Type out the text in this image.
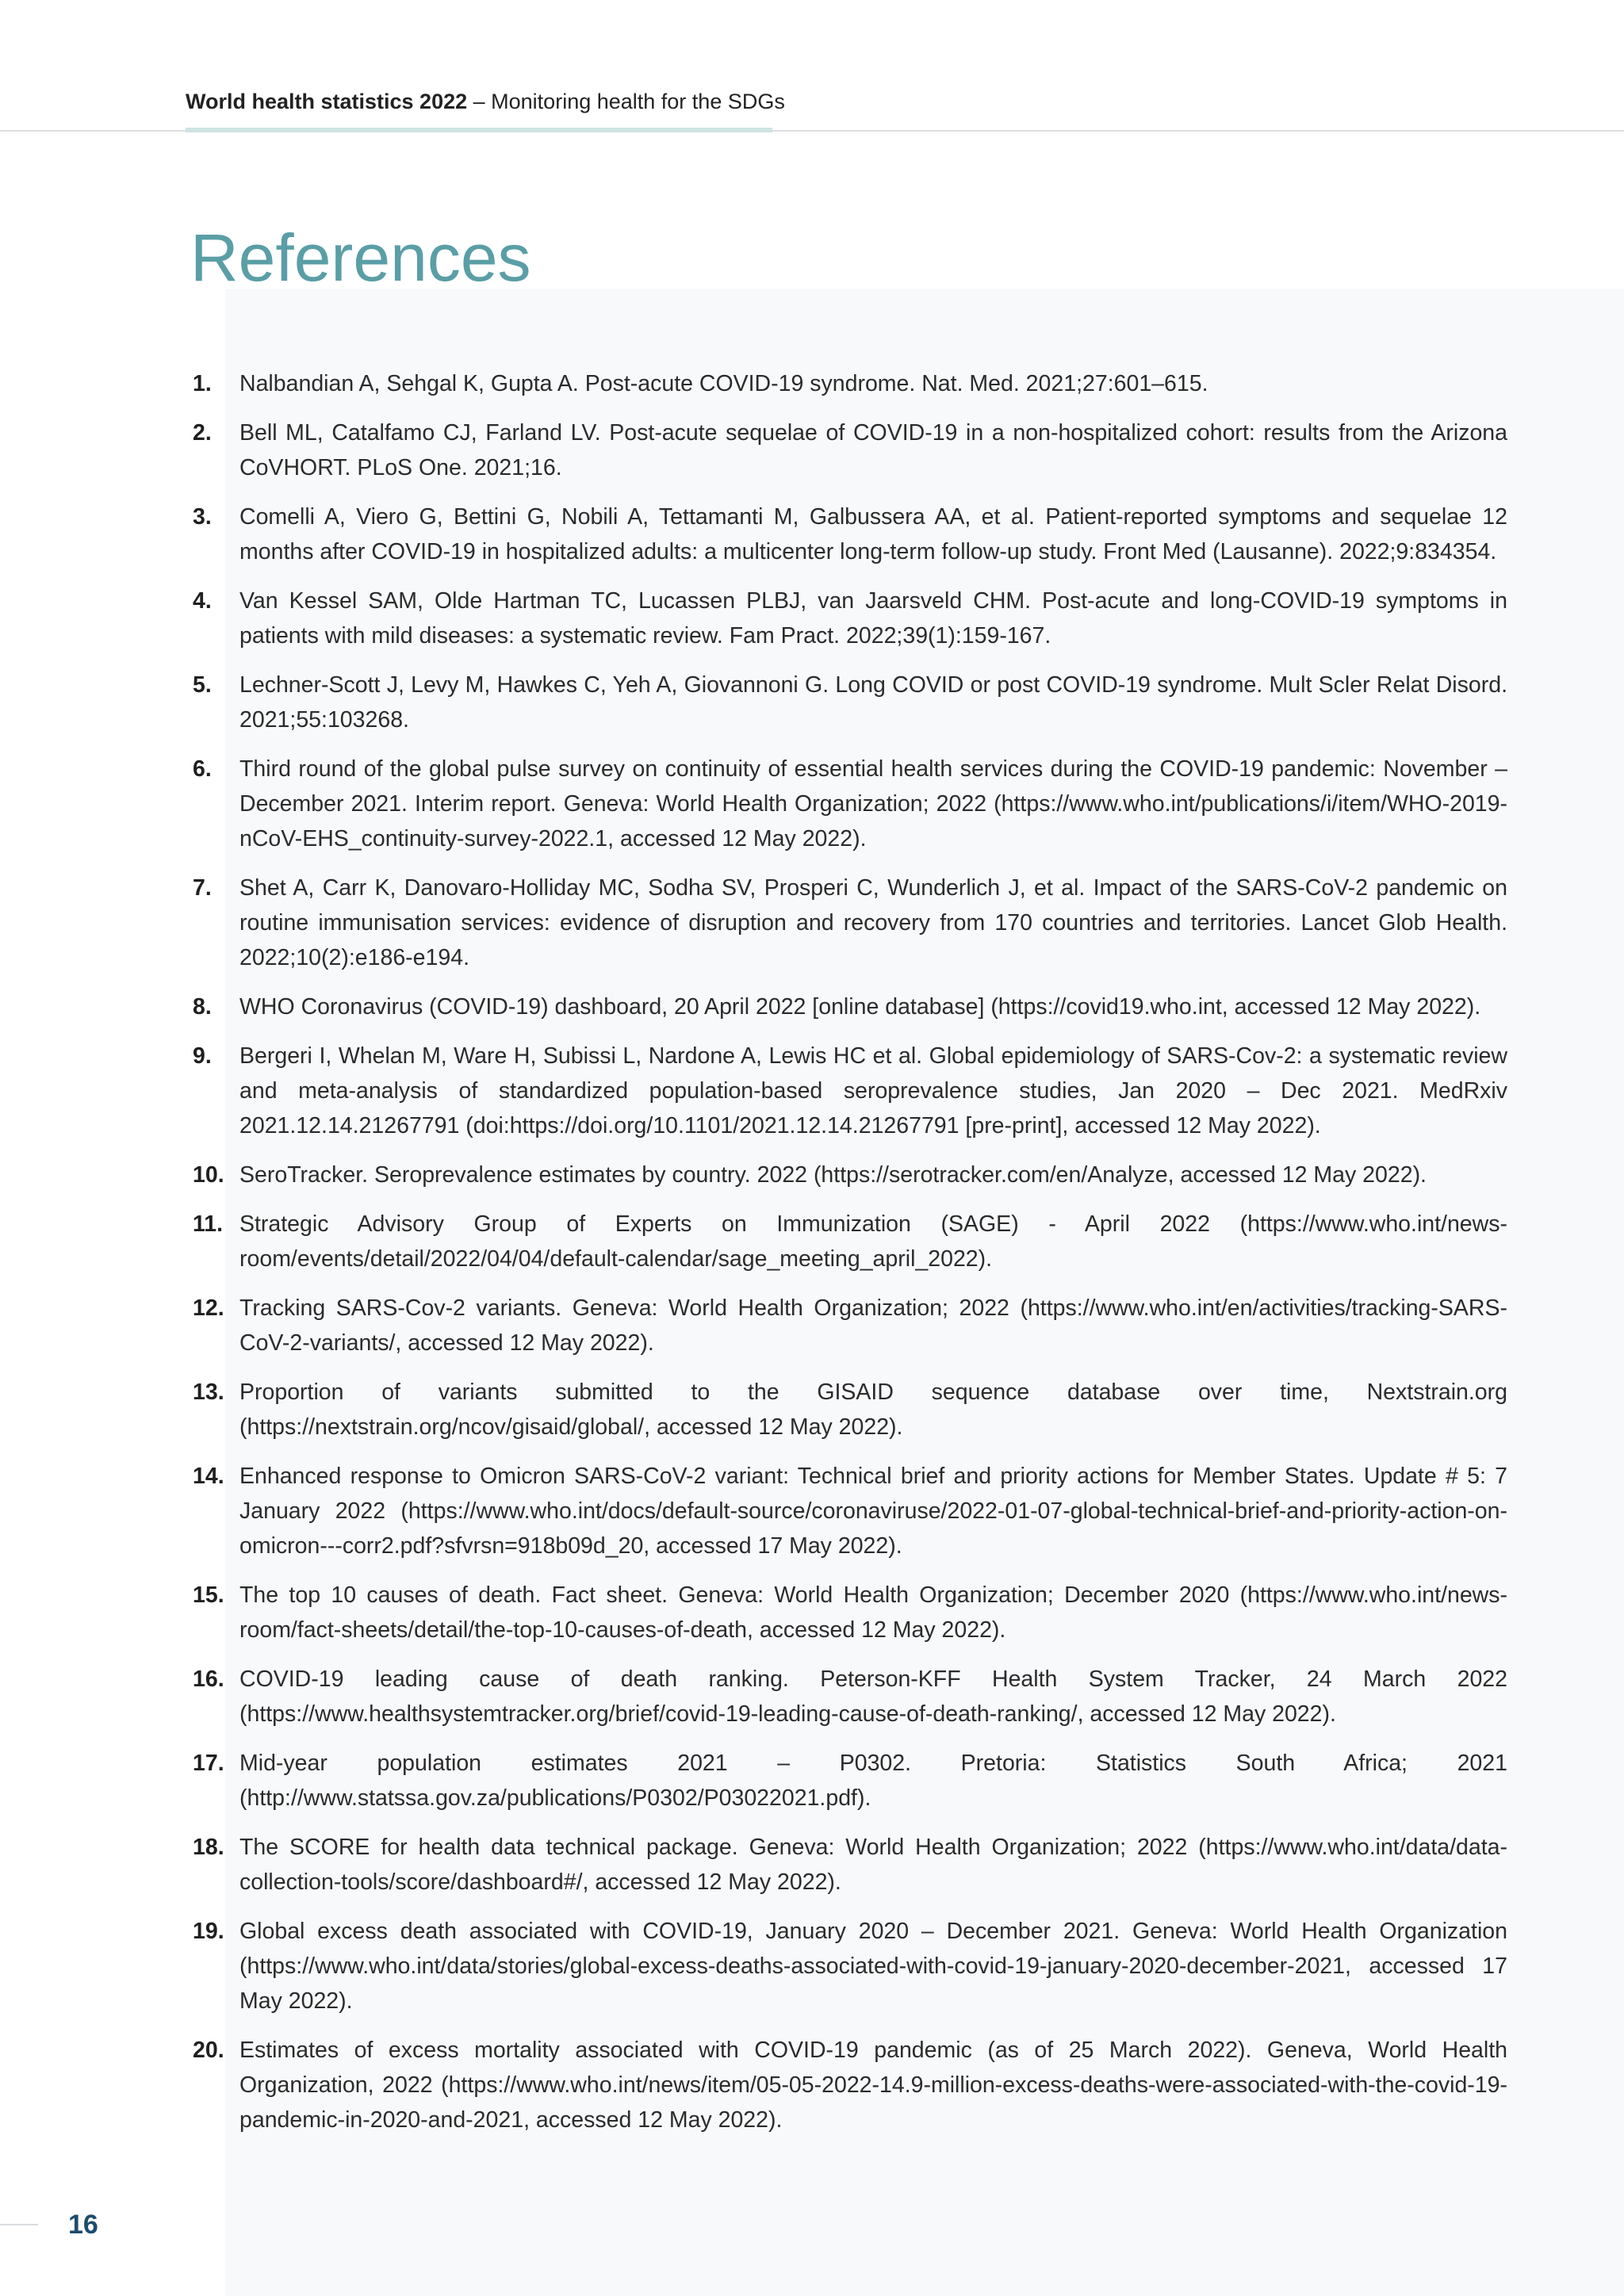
World health statistics 2022 – Monitoring health for the SDGs
References
1. Nalbandian A, Sehgal K, Gupta A. Post-acute COVID-19 syndrome. Nat. Med. 2021;27:601–615.
2. Bell ML, Catalfamo CJ, Farland LV. Post-acute sequelae of COVID-19 in a non-hospitalized cohort: results from the Arizona CoVHORT. PLoS One. 2021;16.
3. Comelli A, Viero G, Bettini G, Nobili A, Tettamanti M, Galbussera AA, et al. Patient-reported symptoms and sequelae 12 months after COVID-19 in hospitalized adults: a multicenter long-term follow-up study. Front Med (Lausanne). 2022;9:834354.
4. Van Kessel SAM, Olde Hartman TC, Lucassen PLBJ, van Jaarsveld CHM. Post-acute and long-COVID-19 symptoms in patients with mild diseases: a systematic review. Fam Pract. 2022;39(1):159-167.
5. Lechner-Scott J, Levy M, Hawkes C, Yeh A, Giovannoni G. Long COVID or post COVID-19 syndrome. Mult Scler Relat Disord. 2021;55:103268.
6. Third round of the global pulse survey on continuity of essential health services during the COVID-19 pandemic: November – December 2021. Interim report. Geneva: World Health Organization; 2022 (https://www.who.int/publications/i/item/WHO-2019-nCoV-EHS_continuity-survey-2022.1, accessed 12 May 2022).
7. Shet A, Carr K, Danovaro-Holliday MC, Sodha SV, Prosperi C, Wunderlich J, et al. Impact of the SARS-CoV-2 pandemic on routine immunisation services: evidence of disruption and recovery from 170 countries and territories. Lancet Glob Health. 2022;10(2):e186-e194.
8. WHO Coronavirus (COVID-19) dashboard, 20 April 2022 [online database] (https://covid19.who.int, accessed 12 May 2022).
9. Bergeri I, Whelan M, Ware H, Subissi L, Nardone A, Lewis HC et al. Global epidemiology of SARS-Cov-2: a systematic review and meta-analysis of standardized population-based seroprevalence studies, Jan 2020 – Dec 2021. MedRxiv 2021.12.14.21267791 (doi:https://doi.org/10.1101/2021.12.14.21267791 [pre-print], accessed 12 May 2022).
10. SeroTracker. Seroprevalence estimates by country. 2022 (https://serotracker.com/en/Analyze, accessed 12 May 2022).
11. Strategic Advisory Group of Experts on Immunization (SAGE) - April 2022 (https://www.who.int/news-room/events/detail/2022/04/04/default-calendar/sage_meeting_april_2022).
12. Tracking SARS-Cov-2 variants. Geneva: World Health Organization; 2022 (https://www.who.int/en/activities/tracking-SARS-CoV-2-variants/, accessed 12 May 2022).
13. Proportion of variants submitted to the GISAID sequence database over time, Nextstrain.org (https://nextstrain.org/ncov/gisaid/global/, accessed 12 May 2022).
14. Enhanced response to Omicron SARS-CoV-2 variant: Technical brief and priority actions for Member States. Update # 5: 7 January 2022 (https://www.who.int/docs/default-source/coronaviruse/2022-01-07-global-technical-brief-and-priority-action-on-omicron---corr2.pdf?sfvrsn=918b09d_20, accessed 17 May 2022).
15. The top 10 causes of death. Fact sheet. Geneva: World Health Organization; December 2020 (https://www.who.int/news-room/fact-sheets/detail/the-top-10-causes-of-death, accessed 12 May 2022).
16. COVID-19 leading cause of death ranking. Peterson-KFF Health System Tracker, 24 March 2022 (https://www.healthsystemtracker.org/brief/covid-19-leading-cause-of-death-ranking/, accessed 12 May 2022).
17. Mid-year population estimates 2021 – P0302. Pretoria: Statistics South Africa; 2021 (http://www.statssa.gov.za/publications/P0302/P03022021.pdf).
18. The SCORE for health data technical package. Geneva: World Health Organization; 2022 (https://www.who.int/data/data-collection-tools/score/dashboard#/, accessed 12 May 2022).
19. Global excess death associated with COVID-19, January 2020 – December 2021. Geneva: World Health Organization (https://www.who.int/data/stories/global-excess-deaths-associated-with-covid-19-january-2020-december-2021, accessed 17 May 2022).
20. Estimates of excess mortality associated with COVID-19 pandemic (as of 25 March 2022). Geneva, World Health Organization, 2022 (https://www.who.int/news/item/05-05-2022-14.9-million-excess-deaths-were-associated-with-the-covid-19-pandemic-in-2020-and-2021, accessed 12 May 2022).
16
